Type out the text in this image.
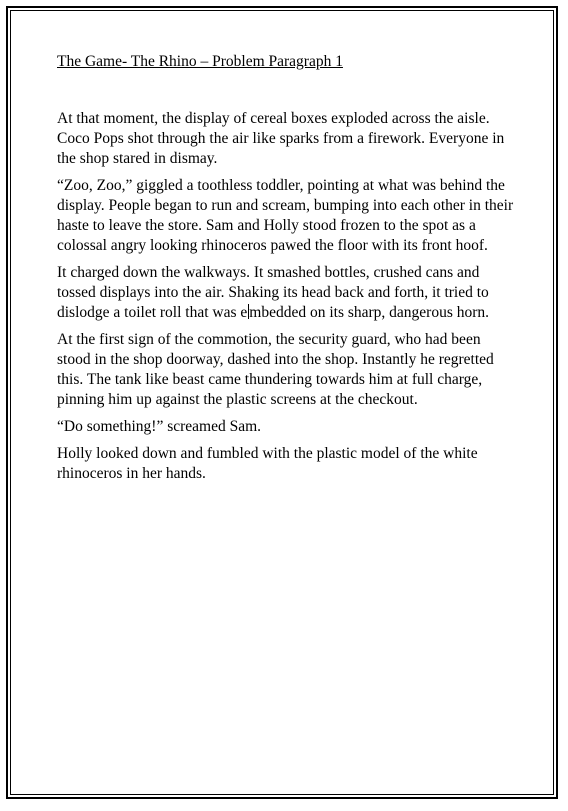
The Game- The Rhino – Problem Paragraph 1

At that moment, the display of cereal boxes exploded across the aisle. Coco Pops shot through the air like sparks from a firework. Everyone in the shop stared in dismay.

“Zoo, Zoo,” giggled a toothless toddler, pointing at what was behind the display. People began to run and scream, bumping into each other in their haste to leave the store. Sam and Holly stood frozen to the spot as a colossal angry looking rhinoceros pawed the floor with its front hoof.

It charged down the walkways. It smashed bottles, crushed cans and tossed displays into the air. Shaking its head back and forth, it tried to dislodge a toilet roll that was e mbedded on its sharp, dangerous horn.

At the first sign of the commotion, the security guard, who had been stood in the shop doorway, dashed into the shop. Instantly he regretted this. The tank like beast came thundering towards him at full charge, pinning him up against the plastic screens at the checkout.

“Do something!” screamed Sam.

Holly looked down and fumbled with the plastic model of the white rhinoceros in her hands.
